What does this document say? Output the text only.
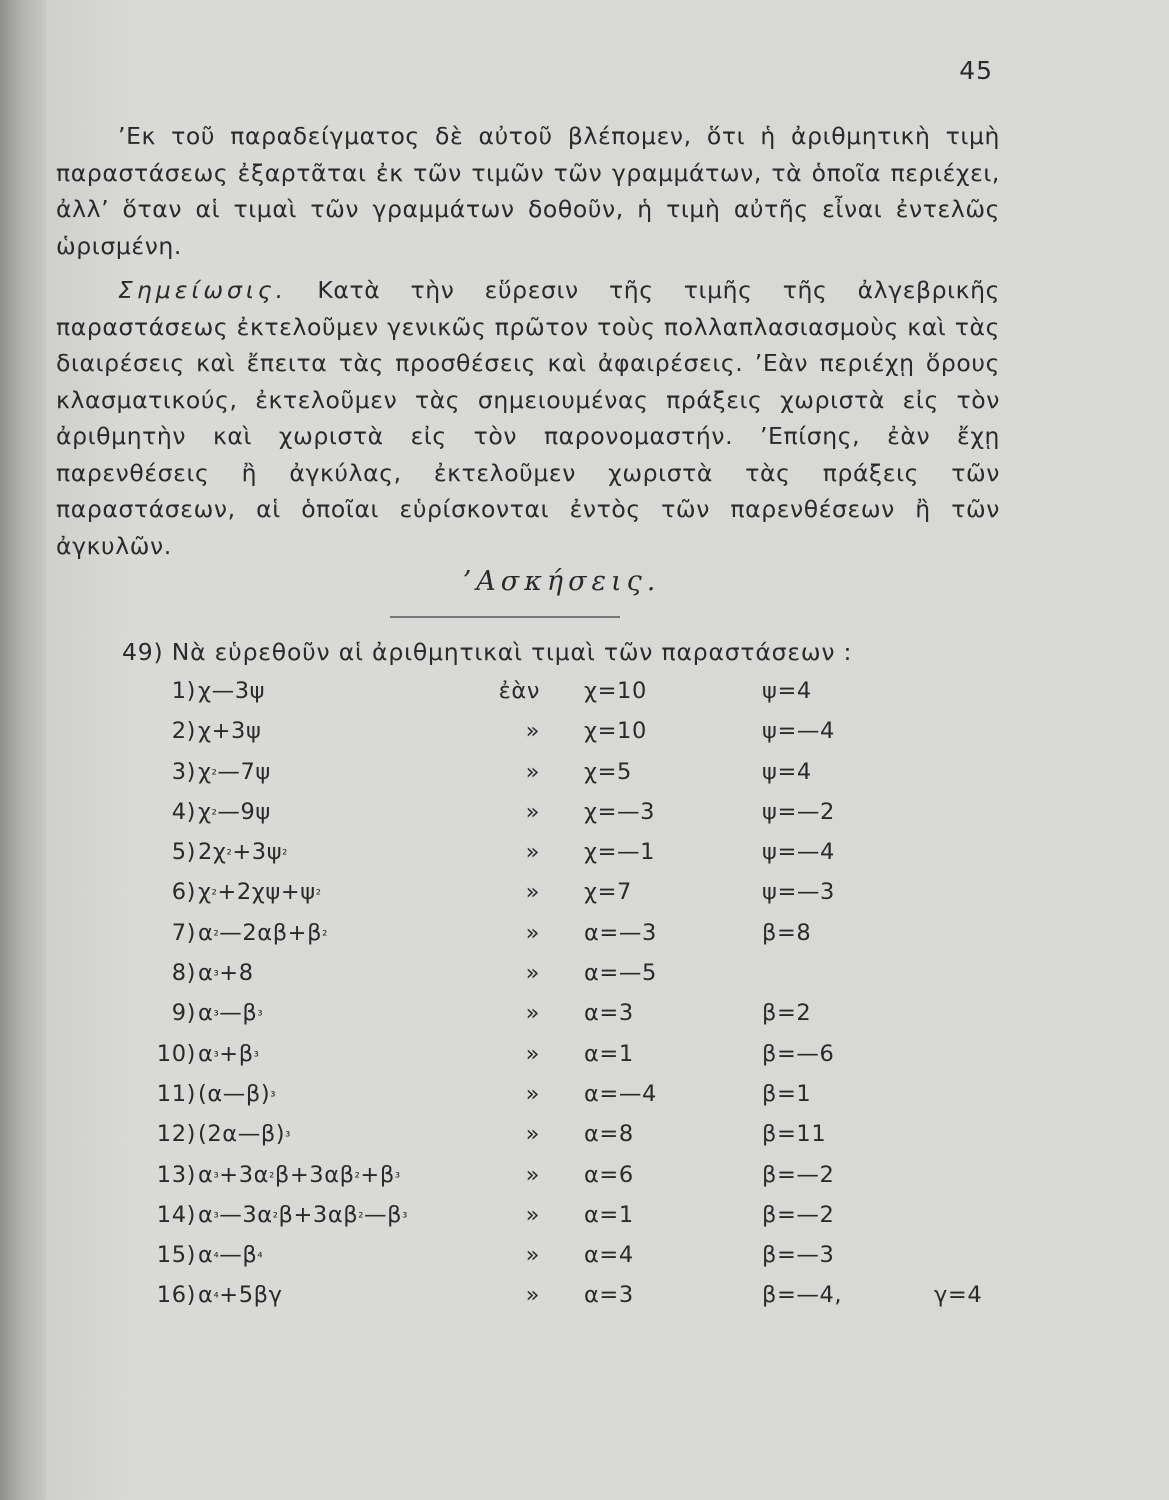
45

’Εκ τοῦ παραδείγματος δὲ αὐτοῦ βλέπομεν, ὅτι ἡ ἀριθμητικὴ τιμὴ παραστάσεως ἐξαρτᾶται ἐκ τῶν τιμῶν τῶν γραμμάτων, τὰ ὁποῖα περιέχει, ἀλλ’ ὅταν αἱ τιμαὶ τῶν γραμμάτων δοθοῦν, ἡ τιμὴ αὐτῆς εἶναι ἐντελῶς ὡρισμένη.

Σημείωσις. Κατὰ τὴν εὕρεσιν τῆς τιμῆς τῆς ἀλγεβρικῆς παραστάσεως ἐκτελοῦμεν γενικῶς πρῶτον τοὺς πολλαπλασιασμοὺς καὶ τὰς διαιρέσεις καὶ ἔπειτα τὰς προσθέσεις καὶ ἀφαιρέσεις. ’Εὰν περιέχῃ ὅρους κλασματικούς, ἐκτελοῦμεν τὰς σημειουμένας πράξεις χωριστὰ εἰς τὸν ἀριθμητὴν καὶ χωριστὰ εἰς τὸν παρονομαστήν. ’Επίσης, ἐὰν ἔχῃ παρενθέσεις ἢ ἀγκύλας, ἐκτελοῦμεν χωριστὰ τὰς πράξεις τῶν παραστάσεων, αἱ ὁποῖαι εὑρίσκονται ἐντὸς τῶν παρενθέσεων ἢ τῶν ἀγκυλῶν.

’Ασκήσεις.
49) Νὰ εὑρεθοῦν αἱ ἀριθμητικαὶ τιμαὶ τῶν παραστάσεων :
1) χ—3ψ	ἐὰν χ=10	ψ=4
2) χ+3ψ	» χ=10	ψ=—4
3) χ²—7ψ	» χ=5	ψ=4
4) χ²—9ψ	» χ=—3	ψ=—2
5) 2χ²+3ψ²	» χ=—1	ψ=—4
6) χ²+2χψ+ψ²	» χ=7	ψ=—3
7) α²—2αβ+β²	» α=—3	β=8
8) α³+8	» α=—5
9) α³—β³	» α=3	β=2
10) α³+β³	» α=1	β=—6
11) (α—β)³	» α=—4	β=1
12) (2α—β)³	» α=8	β=11
13) α³+3α²β+3αβ²+β³	» α=6	β=—2
14) α³—3α²β+3αβ²—β³	» α=1	β=—2
15) α⁴—β⁴	» α=4	β=—3
16) α⁴+5βγ	» α=3	β=—4,	γ=4
